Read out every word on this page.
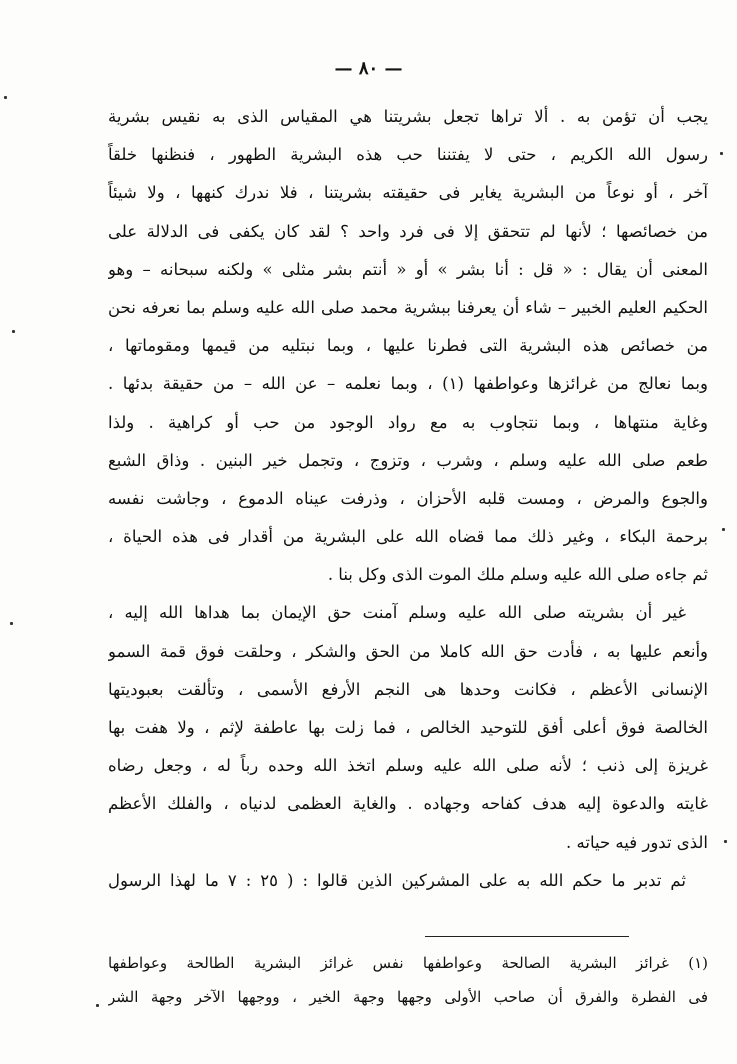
— ٨٠ —
يجب أن تؤمن به . ألا تراها تجعل بشريتنا هي المقياس الذى به نقيس بشرية
رسول الله الكريم ، حتى لا يفتننا حب هذه البشرية الطهور ، فنظنها خلقاً
آخر ، أو نوعاً من البشرية يغاير فى حقيقته بشريتنا ، فلا ندرك كنهها ، ولا شيئاً
من خصائصها ؛ لأنها لم تتحقق إلا فى فرد واحد ؟ لقد كان يكفى فى الدلالة على
المعنى أن يقال : « قل : أنا بشر » أو « أنتم بشر مثلى » ولكنه سبحانه – وهو
الحكيم العليم الخبير – شاء أن يعرفنا ببشرية محمد صلى الله عليه وسلم بما نعرفه نحن
من خصائص هذه البشرية التى فطرنا عليها ، وبما نبتليه من قيمها ومقوماتها ،
وبما نعالج من غرائزها وعواطفها (١) ، وبما نعلمه – عن الله – من حقيقة بدئها .
وغاية منتهاها ، وبما نتجاوب به مع رواد الوجود من حب أو كراهية . ولذا
طعم صلى الله عليه وسلم ، وشرب ، وتزوج ، وتجمل خير البنين . وذاق الشبع
والجوع والمرض ، ومست قلبه الأحزان ، وذرفت عيناه الدموع ، وجاشت نفسه
برحمة البكاء ، وغير ذلك مما قضاه الله على البشرية من أقدار فى هذه الحياة ،
ثم جاءه صلى الله عليه وسلم ملك الموت الذى وكل بنا .
غير أن بشريته صلى الله عليه وسلم آمنت حق الإيمان بما هداها الله إليه ،
وأنعم عليها به ، فأدت حق الله كاملا من الحق والشكر ، وحلقت فوق قمة السمو
الإنسانى الأعظم ، فكانت وحدها هى النجم الأرفع الأسمى ، وتألقت بعبوديتها
الخالصة فوق أعلى أفق للتوحيد الخالص ، فما زلت بها عاطفة لإثم ، ولا هفت بها
غريزة إلى ذنب ؛ لأنه صلى الله عليه وسلم اتخذ الله وحده رباً له ، وجعل رضاه
غايته والدعوة إليه هدف كفاحه وجهاده . والغاية العظمى لدنياه ، والفلك الأعظم
الذى تدور فيه حياته .
ثم تدبر ما حكم الله به على المشركين الذين قالوا : ( ٢٥ : ٧ ما لهذا الرسول
(١) غرائز البشرية الصالحة وعواطفها نفس غرائز البشرية الطالحة وعواطفها
فى الفطرة والفرق أن صاحب الأولى وجهها وجهة الخير ، ووجهها الآخر وجهة الشر
